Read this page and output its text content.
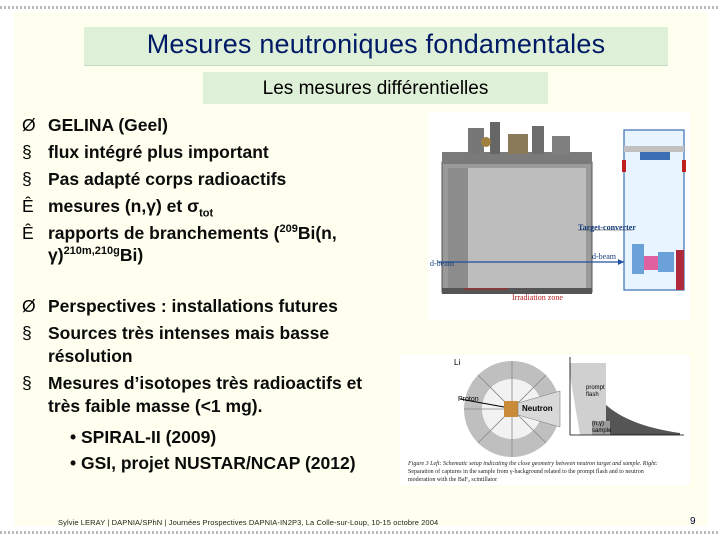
Mesures neutroniques fondamentales
Les mesures différentielles
Ø GELINA (Geel)
§ flux intégré plus important
§ Pas adapté corps radioactifs
Ê mesures (n,γ) et $\sigma_{tot}$
Ê rapports de branchements ($^{209}$Bi(n,
γ)$^{210m,210g}$Bi)
Ø Perspectives : installations futures
§ Sources très intenses mais basse
résolution
§ Mesures d’isotopes très radioactifs et
très faible masse (<1 mg).
• SPIRAL-II (2009)
• GSI, projet NUSTAR/NCAP (2012)
Target-converter
d-beam
d-beam
Irradiation zone
Li
Proton
Neutron
(n,γ)
sample
prompt
flash
neutrons
Figure 3 Left: Schematic setup indicating the close geometry between neutron target and sample. Right:
Separation of captures in the sample from γ-background related to the prompt flash and to neutron
moderation with the BaF₂ scintillator
Sylvie LERAY | DAPNIA/SPhN | Journées Prospectives DAPNIA-IN2P3, La Colle-sur-Loup, 10-15 octobre 2004	9
